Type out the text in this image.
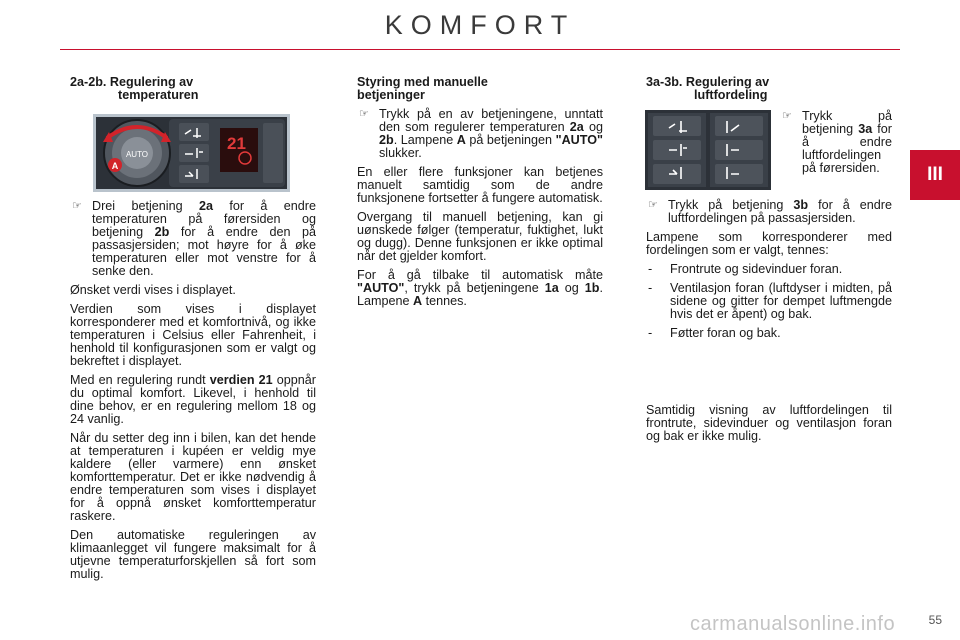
KOMFORT
III
2a-2b. Regulering av
temperaturen
AUTO
A
21
☞ Drei betjening 2a for å endre temperaturen på førersiden og betjening 2b for å endre den på passasjersiden; mot høyre for å øke temperaturen eller mot venstre for å senke den.

Ønsket verdi vises i displayet.

Verdien som vises i displayet korresponderer med et komfortnivå, og ikke temperaturen i Celsius eller Fahrenheit, i henhold til konfigurasjonen som er valgt og bekreftet i displayet.

Med en regulering rundt verdien 21 oppnår du optimal komfort. Likevel, i henhold til dine behov, er en regulering mellom 18 og 24 vanlig.

Når du setter deg inn i bilen, kan det hende at temperaturen i kupéen er veldig mye kaldere (eller varmere) enn ønsket komforttemperatur. Det er ikke nødvendig å endre temperaturen som vises i displayet for å oppnå ønsket komforttemperatur raskere.

Den automatiske reguleringen av klimaanlegget vil fungere maksimalt for å utjevne temperaturforskjellen så fort som mulig.

Styring med manuelle
betjeninger
☞ Trykk på en av betjeningene, unntatt den som regulerer temperaturen 2a og 2b. Lampene A på betjeningen "AUTO" slukker.

En eller flere funksjoner kan betjenes manuelt samtidig som de andre funksjonene fortsetter å fungere automatisk.

Overgang til manuell betjening, kan gi uønskede følger (temperatur, fuktighet, lukt og dugg). Denne funksjonen er ikke optimal når det gjelder komfort.

For å gå tilbake til automatisk måte "AUTO", trykk på betjeningene 1a og 1b. Lampene A tennes.

3a-3b. Regulering av
luftfordeling
☞ Trykk på betjening 3a for å endre luftfordelingen på førersiden.
☞ Trykk på betjening 3b for å endre luftfordelingen på passasjersiden.

Lampene som korresponderer med fordelingen som er valgt, tennes:

- Frontrute og sidevinduer foran.
- Ventilasjon foran (luftdyser i midten, på sidene og gitter for dempet luftmengde hvis det er åpent) og bak.
- Føtter foran og bak.

Samtidig visning av luftfordelingen til frontrute, sidevinduer og ventilasjon foran og bak er ikke mulig.

carmanualsonline.info	55
